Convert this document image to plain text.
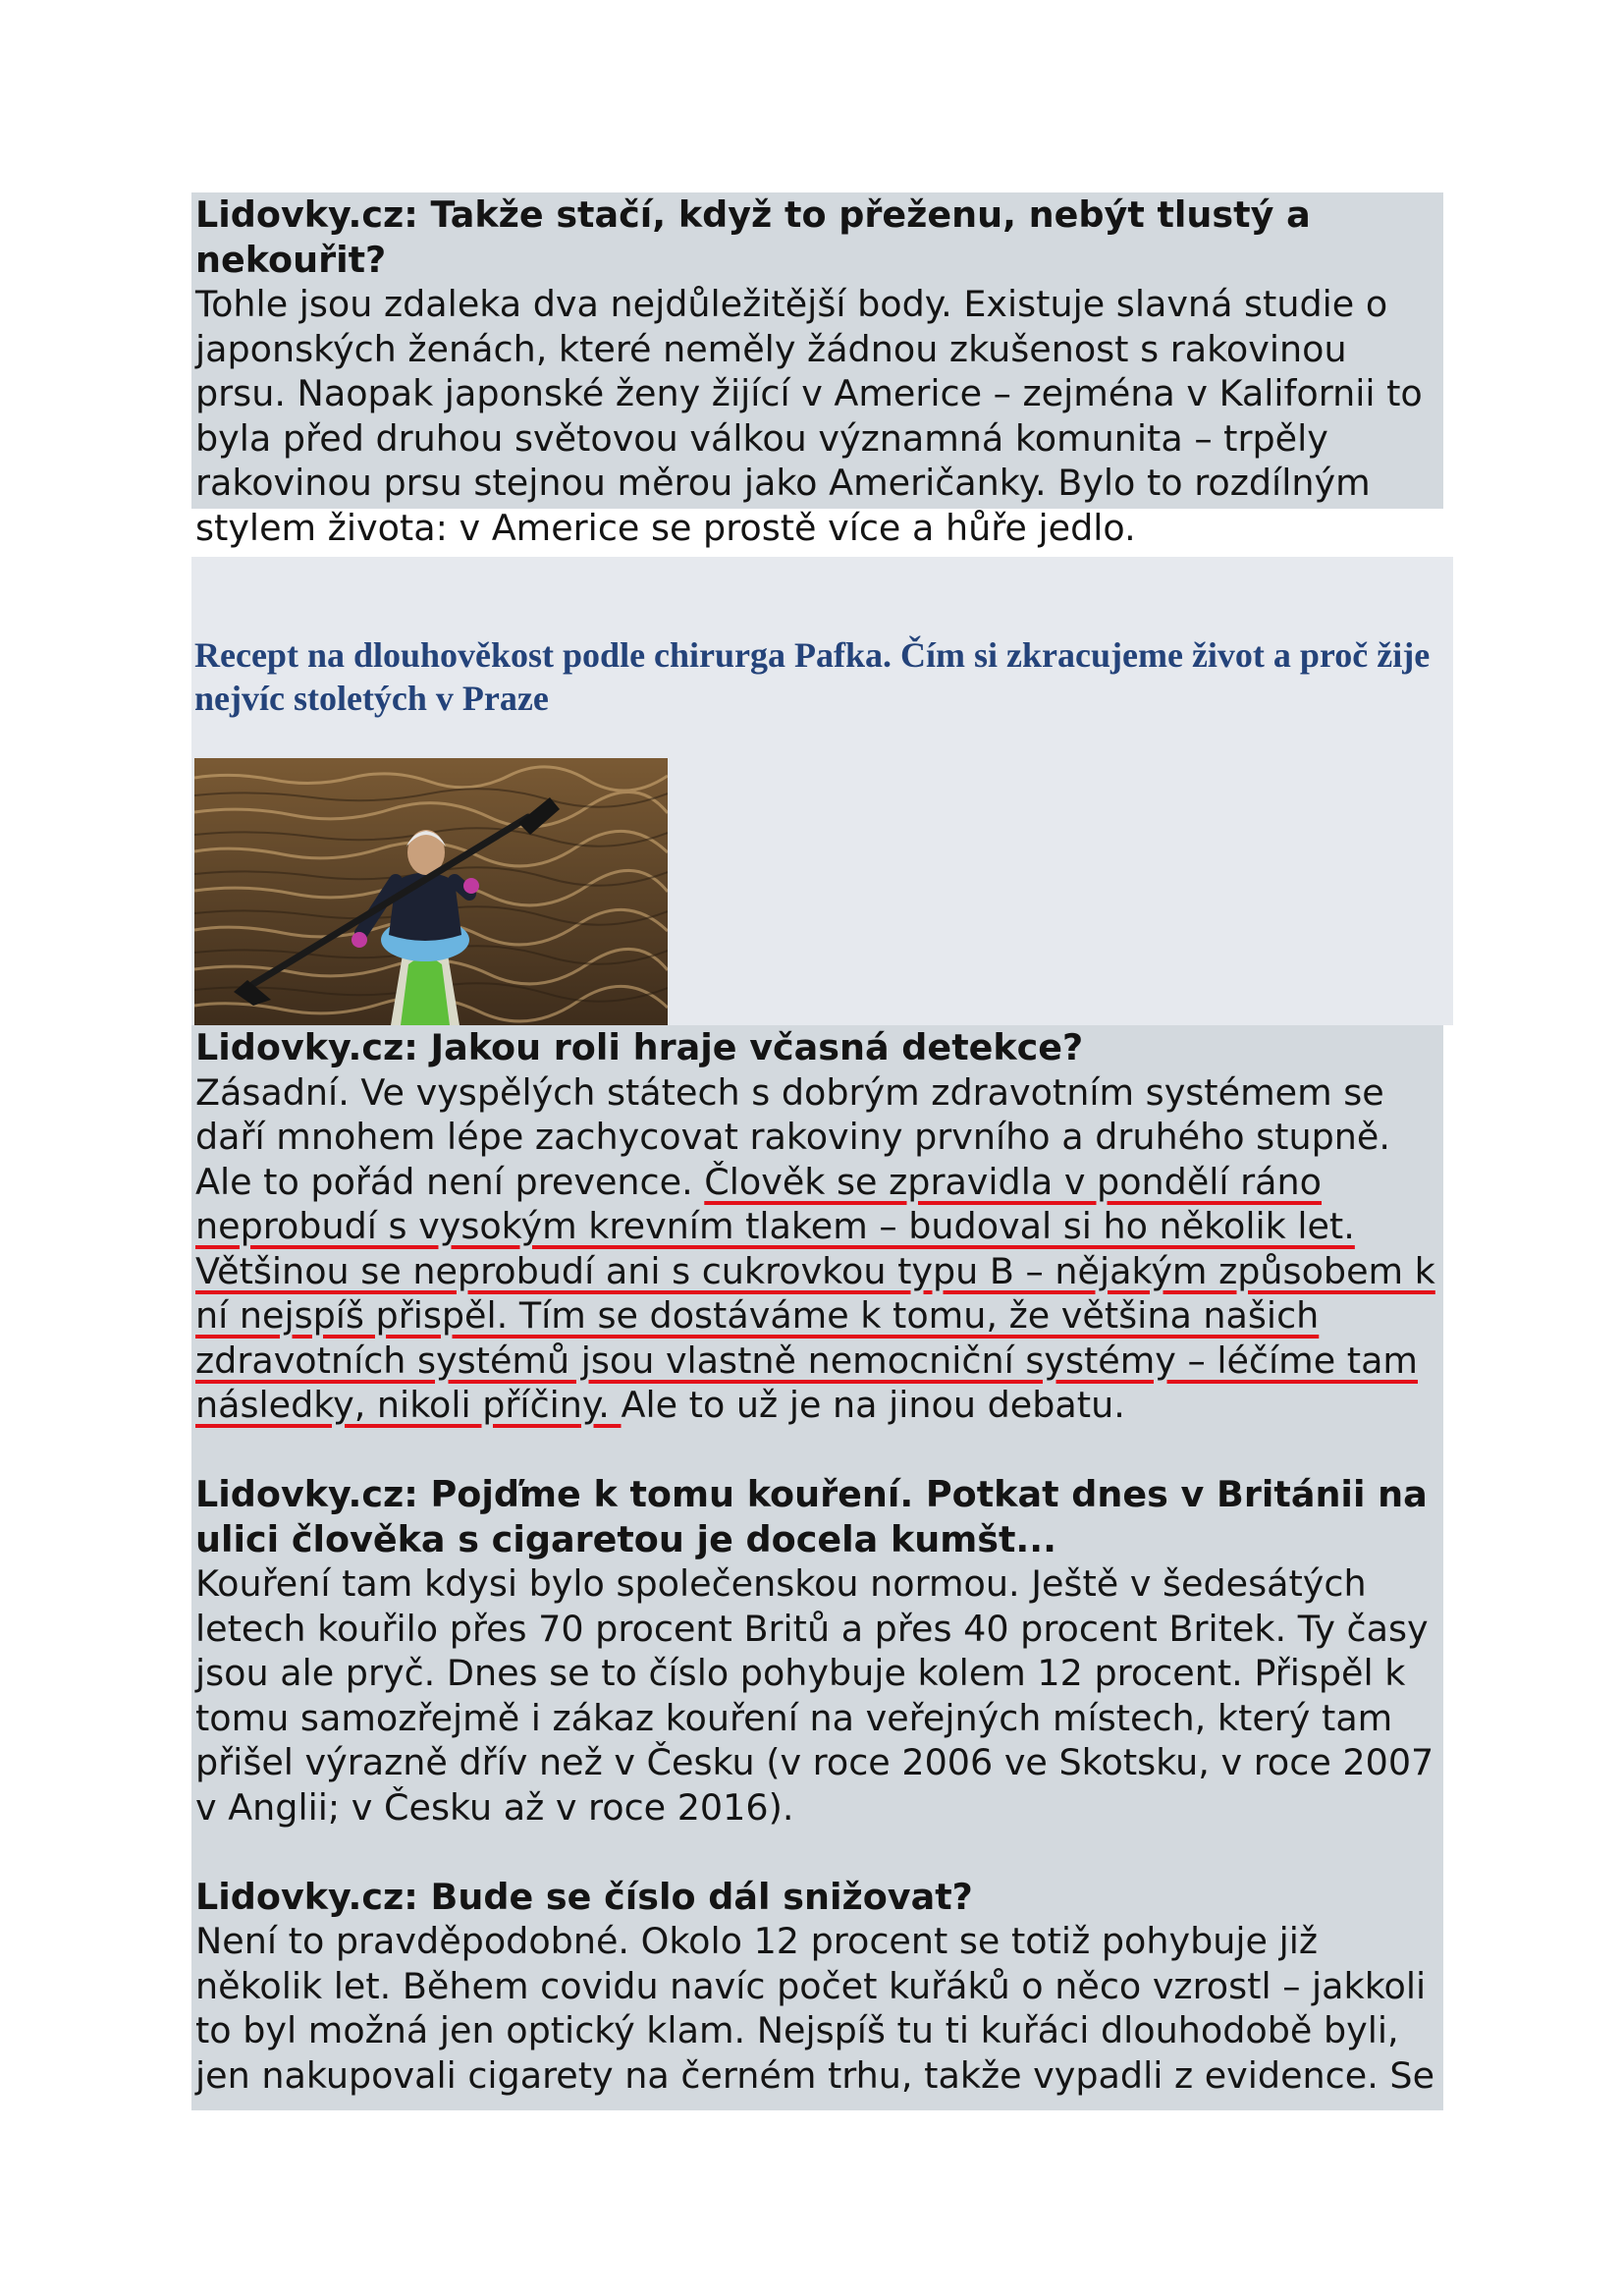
Lidovky.cz: Takže stačí, když to přeženu, nebýt tlustý a nekouřit?

Tohle jsou zdaleka dva nejdůležitější body. Existuje slavná studie o japonských ženách, které neměly žádnou zkušenost s rakovinou prsu. Naopak japonské ženy žijící v Americe – zejména v Kalifornii to byla před druhou světovou válkou významná komunita – trpěly rakovinou prsu stejnou měrou jako Američanky. Bylo to rozdílným stylem života: v Americe se prostě více a hůře jedlo.

Recept na dlouhověkost podle chirurga Pafka. Čím si zkracujeme život a proč žije nejvíc stoletých v Praze

Lidovky.cz: Jakou roli hraje včasná detekce?

Zásadní. Ve vyspělých státech s dobrým zdravotním systémem se daří mnohem lépe zachycovat rakoviny prvního a druhého stupně. Ale to pořád není prevence. Člověk se zpravidla v pondělí ráno neprobudí s vysokým krevním tlakem – budoval si ho několik let. Většinou se neprobudí ani s cukrovkou typu B – nějakým způsobem k ní nejspíš přispěl. Tím se dostáváme k tomu, že většina našich zdravotních systémů jsou vlastně nemocniční systémy – léčíme tam následky, nikoli příčiny. Ale to už je na jinou debatu.

Lidovky.cz: Pojďme k tomu kouření. Potkat dnes v Británii na ulici člověka s cigaretou je docela kumšt...

Kouření tam kdysi bylo společenskou normou. Ještě v šedesátých letech kouřilo přes 70 procent Britů a přes 40 procent Britek. Ty časy jsou ale pryč. Dnes se to číslo pohybuje kolem 12 procent. Přispěl k tomu samozřejmě i zákaz kouření na veřejných místech, který tam přišel výrazně dřív než v Česku (v roce 2006 ve Skotsku, v roce 2007 v Anglii; v Česku až v roce 2016).

Lidovky.cz: Bude se číslo dál snižovat?

Není to pravděpodobné. Okolo 12 procent se totiž pohybuje již několik let. Během covidu navíc počet kuřáků o něco vzrostl – jakkoli to byl možná jen optický klam. Nejspíš tu ti kuřáci dlouhodobě byli, jen nakupovali cigarety na černém trhu, takže vypadli z evidence. Se
